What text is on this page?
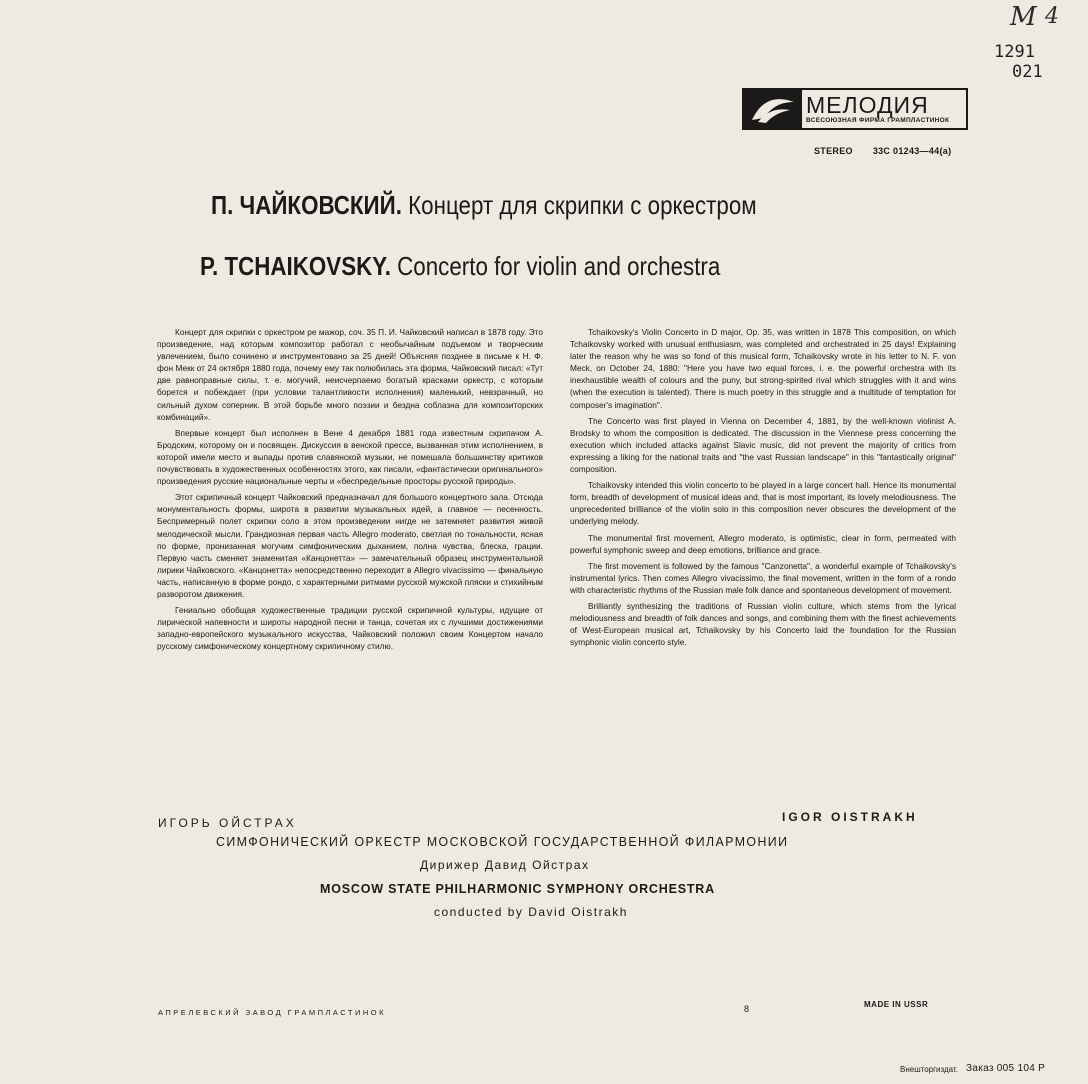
M 4
1291
021
МЕЛОДИЯ
ВСЕСОЮЗНАЯ ФИРМА ГРАМПЛАСТИНОК
STEREO 33С 01243—44(a)
П. ЧАЙКОВСКИЙ. Концерт для скрипки с оркестром
P. TCHAIKOVSKY. Concerto for violin and orchestra

Концерт для скрипки с оркестром ре мажор, соч. 35 П. И. Чайковский написал в 1878 году. Это произведение, над которым композитор работал с необычайным подъемом и творческим увлечением, было сочинено и инструментовано за 25 дней! Объясняя позднее в письме к Н. Ф. фон Мекк от 24 октября 1880 года, почему ему так полюбилась эта форма, Чайковский писал: «Тут две равноправные силы, т. е. могучий, неисчерпаемо богатый красками оркестр, с которым борется и побеждает (при условии талантливости исполнения) маленький, невзрачный, но сильный духом соперник. В этой борьбе много поэзии и бездна соблазна для композиторских комбинаций».

Впервые концерт был исполнен в Вене 4 декабря 1881 года известным скрипачом А. Бродским, которому он и посвящен. Дискуссия в венской прессе, вызванная этим исполнением, в которой имели место и выпады против славянской музыки, не помешала большинству критиков почувствовать в художественных особенностях этого, как писали, «фантастически оригинального» произведения русские национальные черты и «беспредельные просторы русской природы».

Этот скрипичный концерт Чайковский предназначал для большого концертного зала. Отсюда монументальность формы, широта в развитии музыкальных идей, а главное — песенность. Беспримерный полет скрипки соло в этом произведении нигде не затемняет развития живой мелодической мысли. Грандиозная первая часть Allegro moderato, светлая по тональности, ясная по форме, пронизанная могучим симфоническим дыханием, полна чувства, блеска, грации. Первую часть сменяет знаменитая «Канцонетта» — замечательный образец инструментальной лирики Чайковского. «Канцонетта» непосредственно переходит в Allegro vivacissimo — финальную часть, написанную в форме рондо, с характерными ритмами русской мужской пляски и стихийным разворотом движения.

Гениально обобщая художественные традиции русской скрипичной культуры, идущие от лирической напевности и широты народной песни и танца, сочетая их с лучшими достижениями западно-европейского музыкального искусства, Чайковский положил своим Концертом начало русскому симфоническому концертному скрипичному стилю.

Tchaikovsky's Violin Concerto in D major, Op. 35, was written in 1878 This composition, on which Tchaikovsky worked with unusual enthusiasm, was completed and orchestrated in 25 days! Explaining later the reason why he was so fond of this musical form, Tchaikovsky wrote in his letter to N. F. von Meck, on October 24, 1880: "Here you have two equal forces, i. e. the powerful orchestra with its inexhaustible wealth of colours and the puny, but strong-spirited rival which struggles with it and wins (when the execution is talented). There is much poetry in this struggle and a multitude of temptation for composer's imagination".

The Concerto was first played in Vienna on December 4, 1881, by the well-known violinist A. Brodsky to whom the composition is dedicated. The discussion in the Viennese press concerning the execution which included attacks against Slavic music, did not prevent the majority of critics from expressing a liking for the national traits and "the vast Russian landscape" in this "fantastically original" composition.

Tchaikovsky intended this violin concerto to be played in a large concert hall. Hence its monumental form, breadth of development of musical ideas and, that is most important, its lovely melodiousness. The unprecedented brilliance of the violin solo in this composition never obscures the development of the underlying melody.

The monumental first movement, Allegro moderato, is optimistic, clear in form, permeated with powerful symphonic sweep and deep emotions, brilliance and grace.

The first movement is followed by the famous "Canzonetta", a wonderful example of Tchaikovsky's instrumental lyrics. Then comes Allegro vivacissimo, the final movement, written in the form of a rondo with characteristic rhythms of the Russian male folk dance and spontaneous development of movement.

Brilliantly synthesizing the traditions of Russian violin culture, which stems from the lyrical melodiousness and breadth of folk dances and songs, and combining them with the finest achievements of West-European musical art, Tchaikovsky by his Concerto laid the foundation for the Russian symphonic violin concerto style.

ИГОРЬ ОЙСТРАХ	IGOR OISTRAKH
СИМФОНИЧЕСКИЙ ОРКЕСТР МОСКОВСКОЙ ГОСУДАРСТВЕННОЙ ФИЛАРМОНИИ
Дирижер Давид Ойстрах
MOSCOW STATE PHILHARMONIC SYMPHONY ORCHESTRA
conducted by David Oistrakh
АПРЕЛЕВСКИЙ ЗАВОД ГРАМПЛАСТИНОК	8	MADE IN USSR
Внешторгиздат. Заказ 005 104 Р
